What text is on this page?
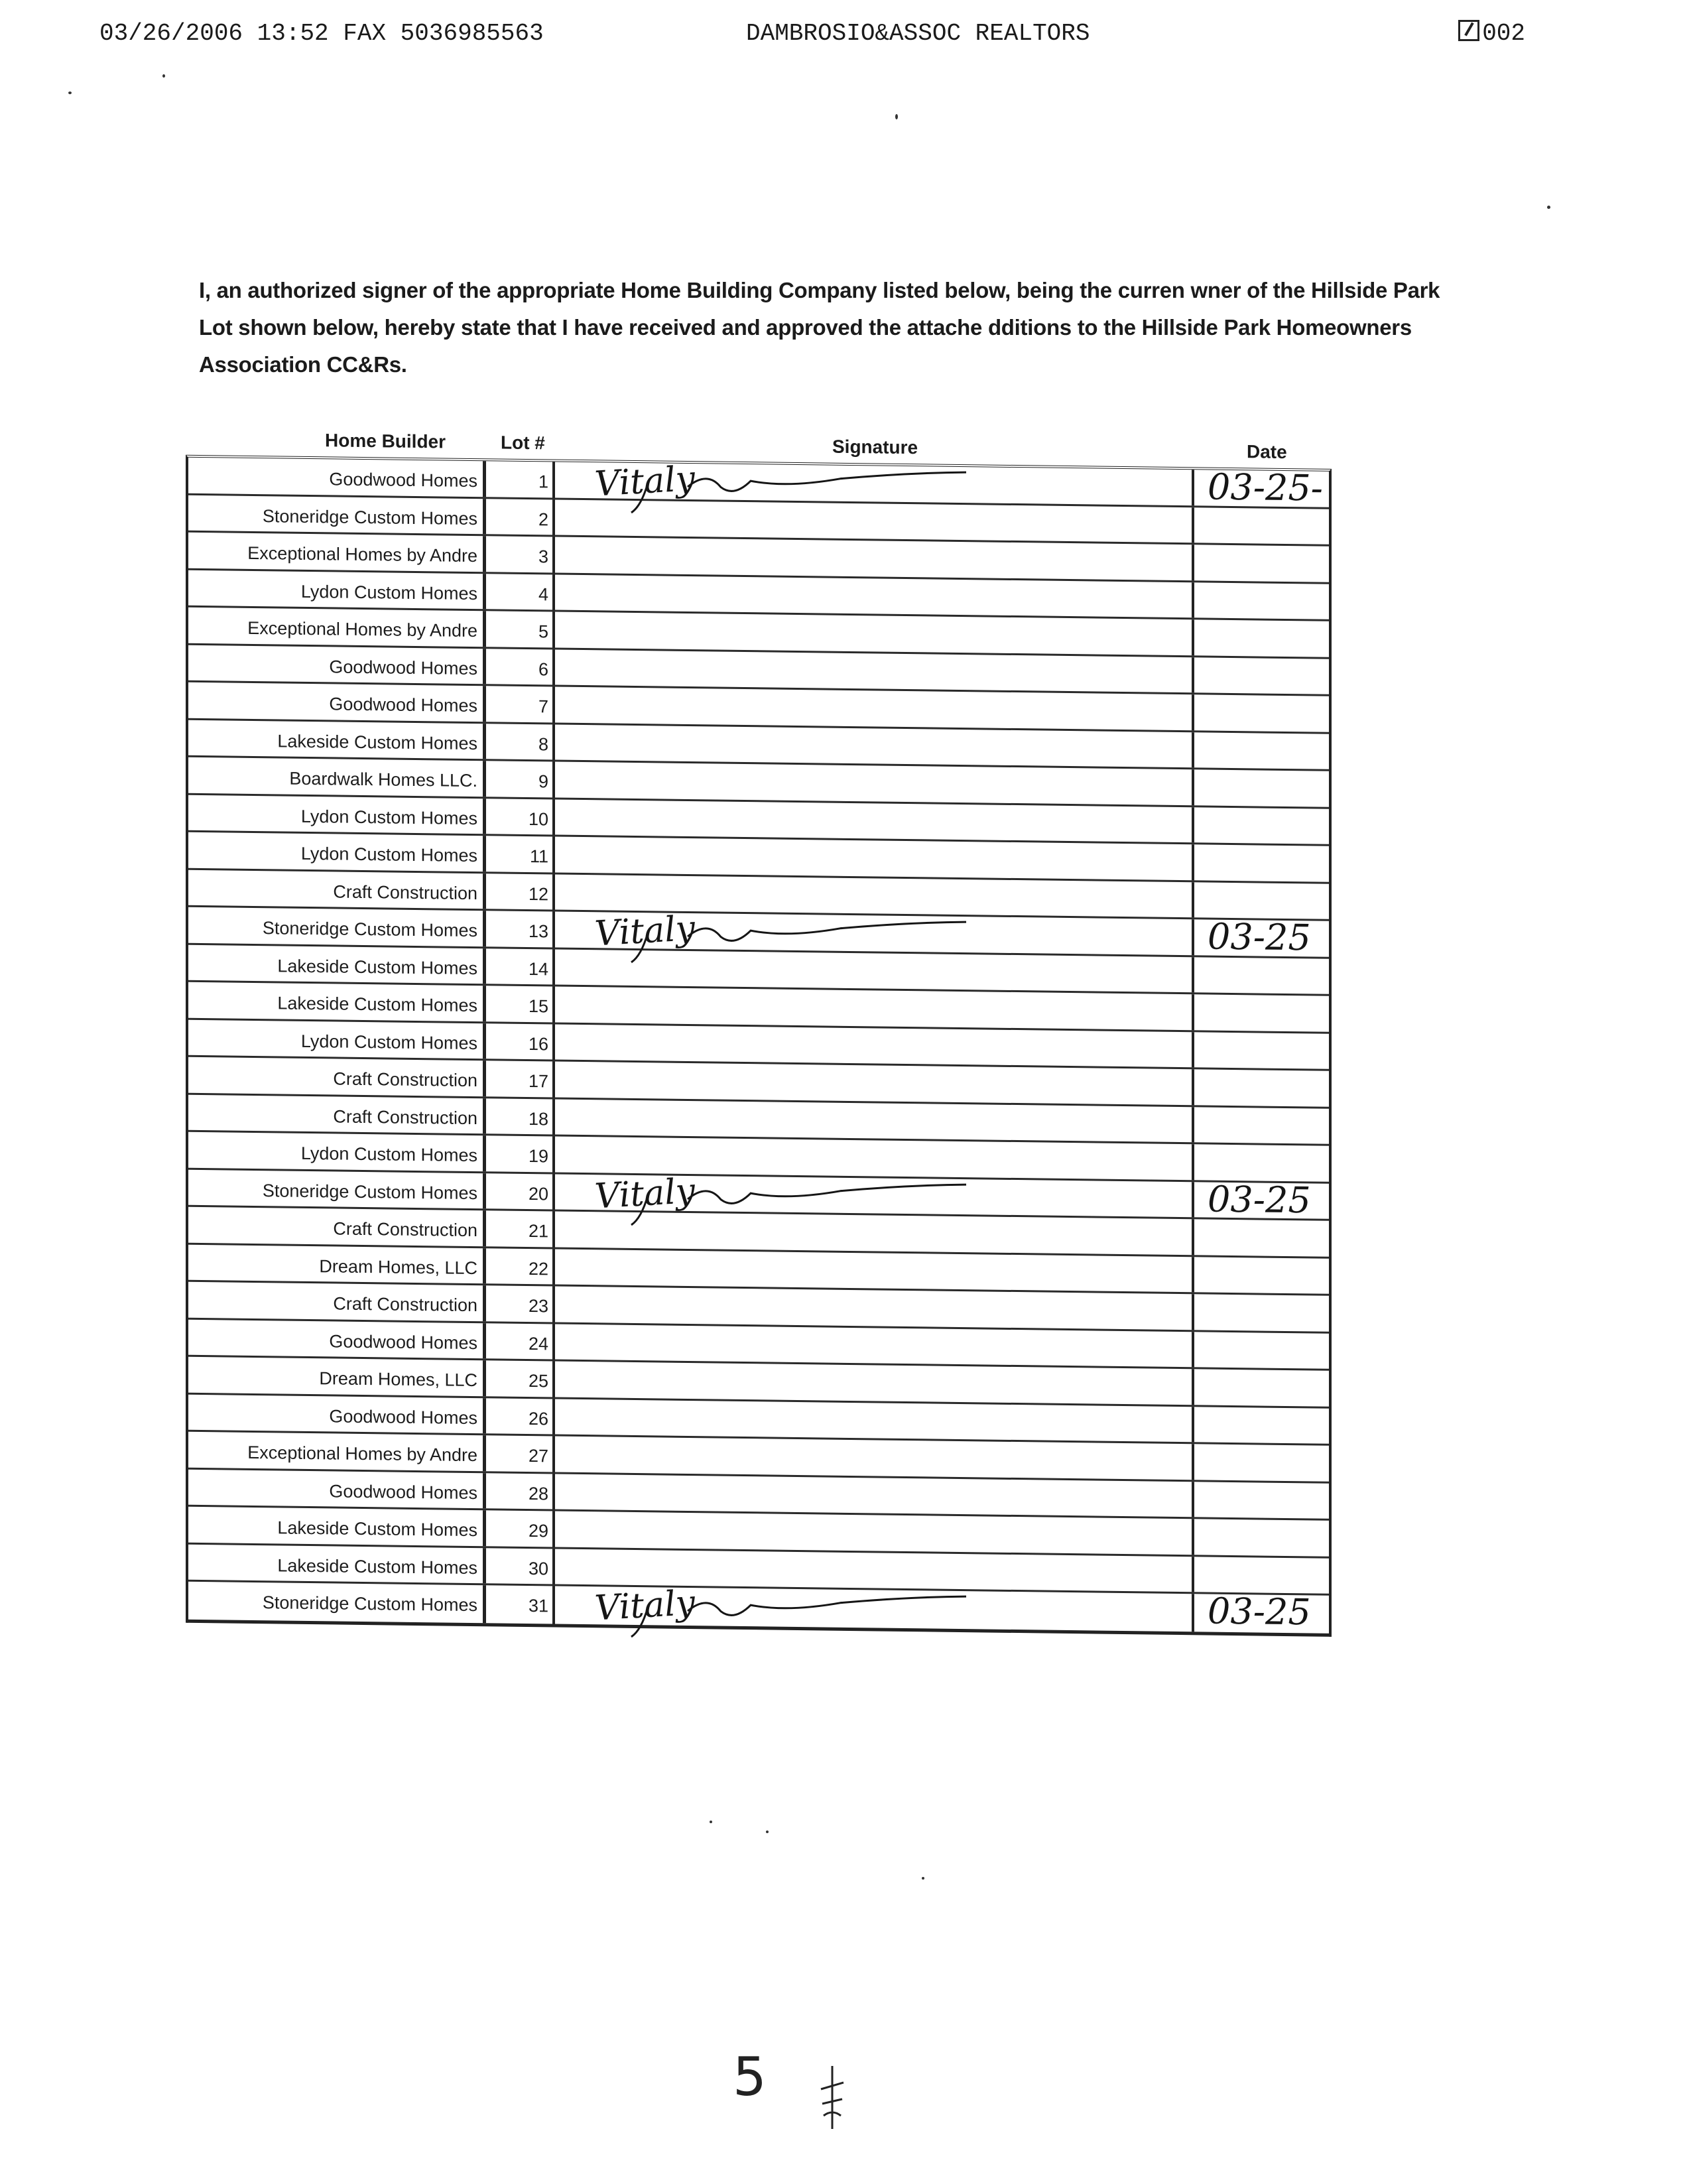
03/26/2006 13:52 FAX 5036985563	DAMBROSIO&ASSOC REALTORS	002
I, an authorized signer of the appropriate Home Building Company listed below, being the curren wner of the Hillside Park Lot shown below, hereby state that I have received and approved the attache dditions to the Hillside Park Homeowners Association CC&Rs.
Home Builder	Lot #	Signature	Date
Goodwood Homes	1 Vitaly	03-25-
Stoneridge Custom Homes	2
Exceptional Homes by Andre	3
Lydon Custom Homes	4
Exceptional Homes by Andre	5
Goodwood Homes	6
Goodwood Homes	7
Lakeside Custom Homes	8
Boardwalk Homes LLC.	9
Lydon Custom Homes	10
Lydon Custom Homes	11
Craft Construction	12
Stoneridge Custom Homes	13 Vitaly	03-25
Lakeside Custom Homes	14
Lakeside Custom Homes	15
Lydon Custom Homes	16
Craft Construction	17
Craft Construction	18
Lydon Custom Homes	19
Stoneridge Custom Homes	20 Vitaly	03-25
Craft Construction	21
Dream Homes, LLC	22
Craft Construction	23
Goodwood Homes	24
Dream Homes, LLC	25
Goodwood Homes	26
Exceptional Homes by Andre	27
Goodwood Homes	28
Lakeside Custom Homes	29
Lakeside Custom Homes	30
Stoneridge Custom Homes	31 Vitaly	03-25
5
